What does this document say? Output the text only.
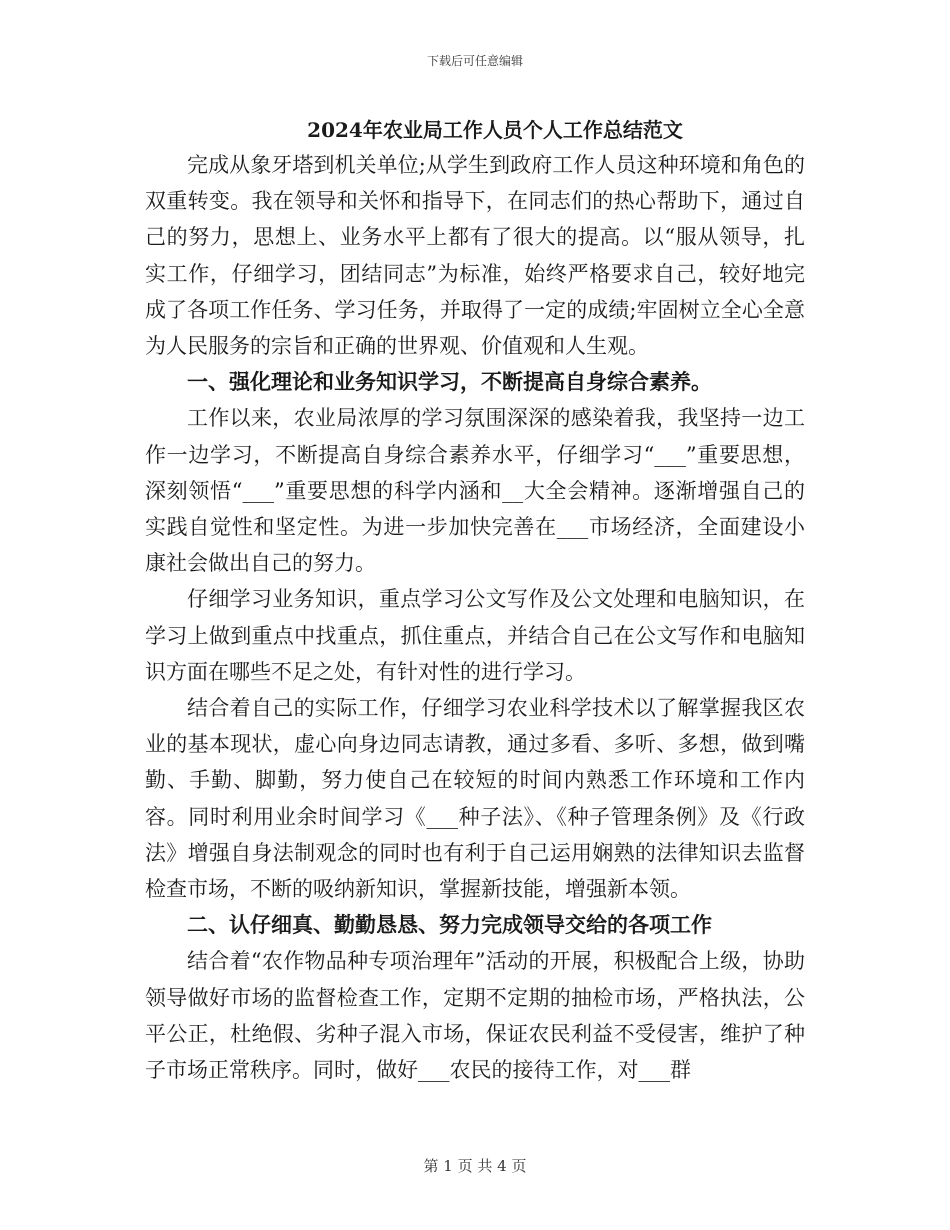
下载后可任意编辑
2024年农业局工作人员个人工作总结范文

完成从象牙塔到机关单位;从学生到政府工作人员这种环境和角色的双重转变。我在领导和关怀和指导下，在同志们的热心帮助下，通过自己的努力，思想上、业务水平上都有了很大的提高。以“服从领导，扎实工作，仔细学习，团结同志”为标准，始终严格要求自己，较好地完成了各项工作任务、学习任务，并取得了一定的成绩;牢固树立全心全意为人民服务的宗旨和正确的世界观、价值观和人生观。

一、强化理论和业务知识学习，不断提高自身综合素养。

工作以来，农业局浓厚的学习氛围深深的感染着我，我坚持一边工作一边学习，不断提高自身综合素养水平，仔细学习“___”重要思想，深刻领悟“___”重要思想的科学内涵和__大全会精神。逐渐增强自己的实践自觉性和坚定性。为进一步加快完善在___市场经济，全面建设小康社会做出自己的努力。

仔细学习业务知识，重点学习公文写作及公文处理和电脑知识，在学习上做到重点中找重点，抓住重点，并结合自己在公文写作和电脑知识方面在哪些不足之处，有针对性的进行学习。

结合着自己的实际工作，仔细学习农业科学技术以了解掌握我区农业的基本现状，虚心向身边同志请教，通过多看、多听、多想，做到嘴勤、手勤、脚勤，努力使自己在较短的时间内熟悉工作环境和工作内容。同时利用业余时间学习《___种子法》、《种子管理条例》及《行政法》增强自身法制观念的同时也有利于自己运用娴熟的法律知识去监督检查市场，不断的吸纳新知识，掌握新技能，增强新本领。

二、认仔细真、勤勤恳恳、努力完成领导交给的各项工作

结合着“农作物品种专项治理年”活动的开展，积极配合上级，协助领导做好市场的监督检查工作，定期不定期的抽检市场，严格执法，公平公正，杜绝假、劣种子混入市场，保证农民利益不受侵害，维护了种子市场正常秩序。同时，做好___农民的接待工作，对___群

第 1 页 共 4 页
